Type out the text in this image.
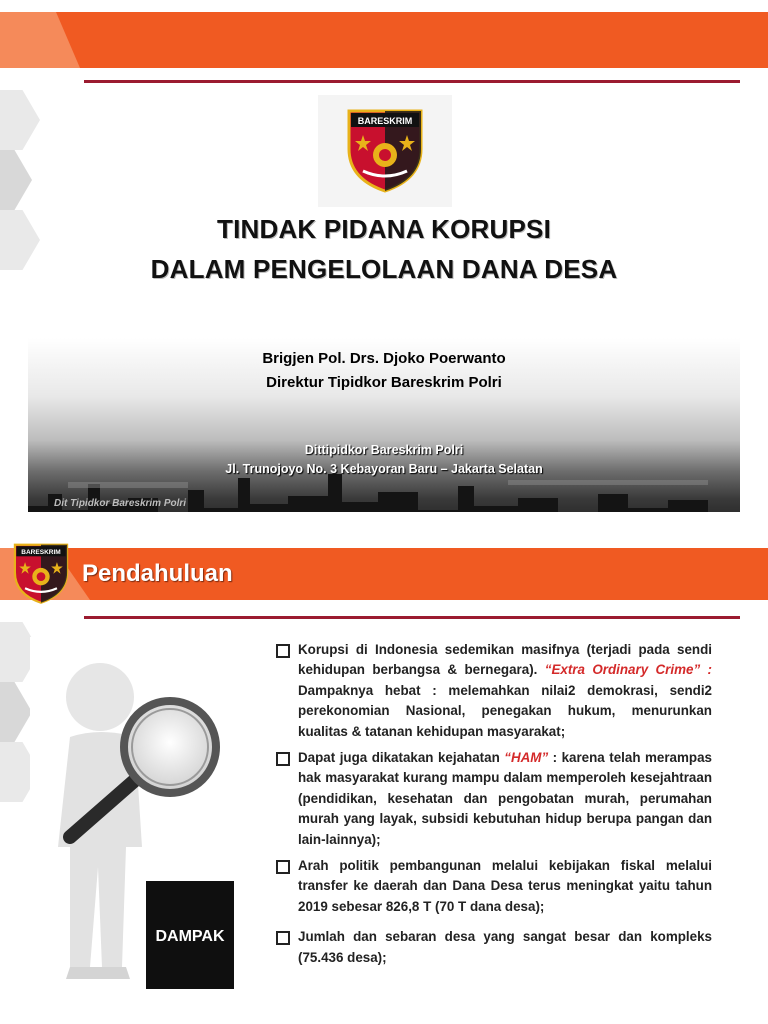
BARESKRIM
TINDAK PIDANA KORUPSI
DALAM PENGELOLAAN DANA DESA
Brigjen Pol. Drs. Djoko Poerwanto
Direktur Tipidkor Bareskrim Polri
Dittipidkor Bareskrim Polri
Jl. Trunojoyo No. 3 Kebayoran Baru – Jakarta Selatan
Dit Tipidkor Bareskrim Polri
BARESKRIM
Pendahuluan
DAMPAK
Korupsi di Indonesia sedemikan masifnya (terjadi pada sendi kehidupan berbangsa & bernegara). “Extra Ordinary Crime” : Dampaknya hebat : melemahkan nilai2 demokrasi, sendi2 perekonomian Nasional, penegakan hukum, menurunkan kualitas & tatanan kehidupan masyarakat;
Dapat juga dikatakan kejahatan “HAM” : karena telah merampas hak masyarakat kurang mampu dalam memperoleh kesejahtraan (pendidikan, kesehatan dan pengobatan murah, perumahan murah yang layak, subsidi kebutuhan hidup berupa pangan dan lain-lainnya);
Arah politik pembangunan melalui kebijakan fiskal melalui transfer ke daerah dan Dana Desa terus meningkat yaitu tahun 2019 sebesar 826,8 T (70 T dana desa);
Jumlah dan sebaran desa yang sangat besar dan kompleks (75.436 desa);
